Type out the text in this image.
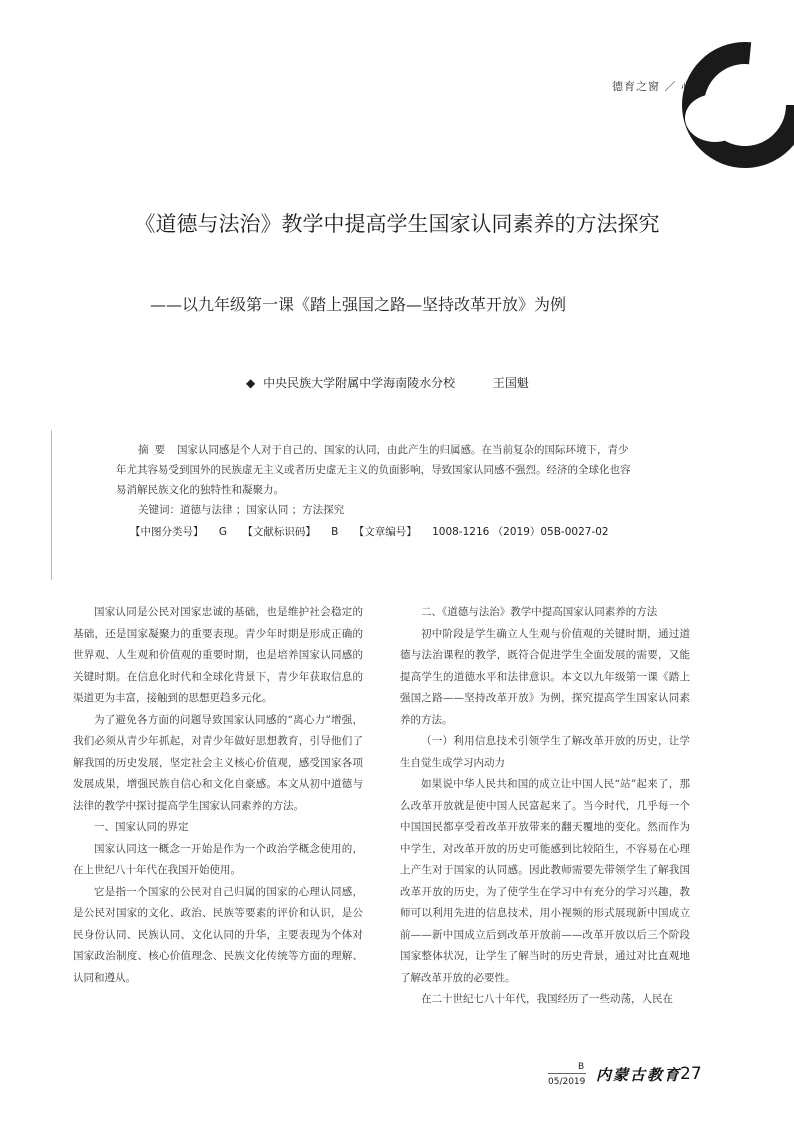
德育之窗 ／ 心理
《道德与法治》教学中提高学生国家认同素养的方法探究
——以九年级第一课《踏上强国之路—坚持改革开放》为例
◆ 中央民族大学附属中学海南陵水分校	王国魁
摘要 国家认同感是个人对于自己的、国家的认同，由此产生的归属感。在当前复杂的国际环境下，青少年尤其容易受到国外的民族虚无主义或者历史虚无主义的负面影响，导致国家认同感不强烈。经济的全球化也容易消解民族文化的独特性和凝聚力。
关键词：道德与法律 ；国家认同 ；方法探究
【中图分类号】 G 【文献标识码】 B 【文章编号】 1008-1216 （2019）05B-0027-02

国家认同是公民对国家忠诚的基础，也是维护社会稳定的基础，还是国家凝聚力的重要表现。青少年时期是形成正确的世界观、人生观和价值观的重要时期，也是培养国家认同感的关键时期。在信息化时代和全球化背景下，青少年获取信息的渠道更为丰富，接触到的思想更趋多元化。

为了避免各方面的问题导致国家认同感的“离心力”增强，我们必须从青少年抓起，对青少年做好思想教育，引导他们了解我国的历史发展，坚定社会主义核心价值观，感受国家各项发展成果，增强民族自信心和文化自豪感。本文从初中道德与法律的教学中探讨提高学生国家认同素养的方法。

一、国家认同的界定

国家认同这一概念一开始是作为一个政治学概念使用的，在上世纪八十年代在我国开始使用。

它是指一个国家的公民对自己归属的国家的心理认同感，是公民对国家的文化、政治、民族等要素的评价和认识，是公民身份认同、民族认同、文化认同的升华，主要表现为个体对国家政治制度、核心价值理念、民族文化传统等方面的理解、认同和遵从。

二、《道德与法治》教学中提高国家认同素养的方法

初中阶段是学生确立人生观与价值观的关键时期，通过道德与法治课程的教学，既符合促进学生全面发展的需要，又能提高学生的道德水平和法律意识。本文以九年级第一课《踏上强国之路——坚持改革开放》为例，探究提高学生国家认同素养的方法。

（一）利用信息技术引领学生了解改革开放的历史，让学生自觉生成学习内动力

如果说中华人民共和国的成立让中国人民“站”起来了，那么改革开放就是使中国人民富起来了。当今时代，几乎每一个中国国民都享受着改革开放带来的翻天覆地的变化。然而作为中学生，对改革开放的历史可能感到比较陌生，不容易在心理上产生对于国家的认同感。因此教师需要先带领学生了解我国改革开放的历史，为了使学生在学习中有充分的学习兴趣，教师可以利用先进的信息技术，用小视频的形式展现新中国成立前——新中国成立后到改革开放前——改革开放以后三个阶段国家整体状况，让学生了解当时的历史背景，通过对比直观地了解改革开放的必要性。

在二十世纪七八十年代，我国经历了一些动荡，人民在

B
05/2019 内蒙古教育
27
